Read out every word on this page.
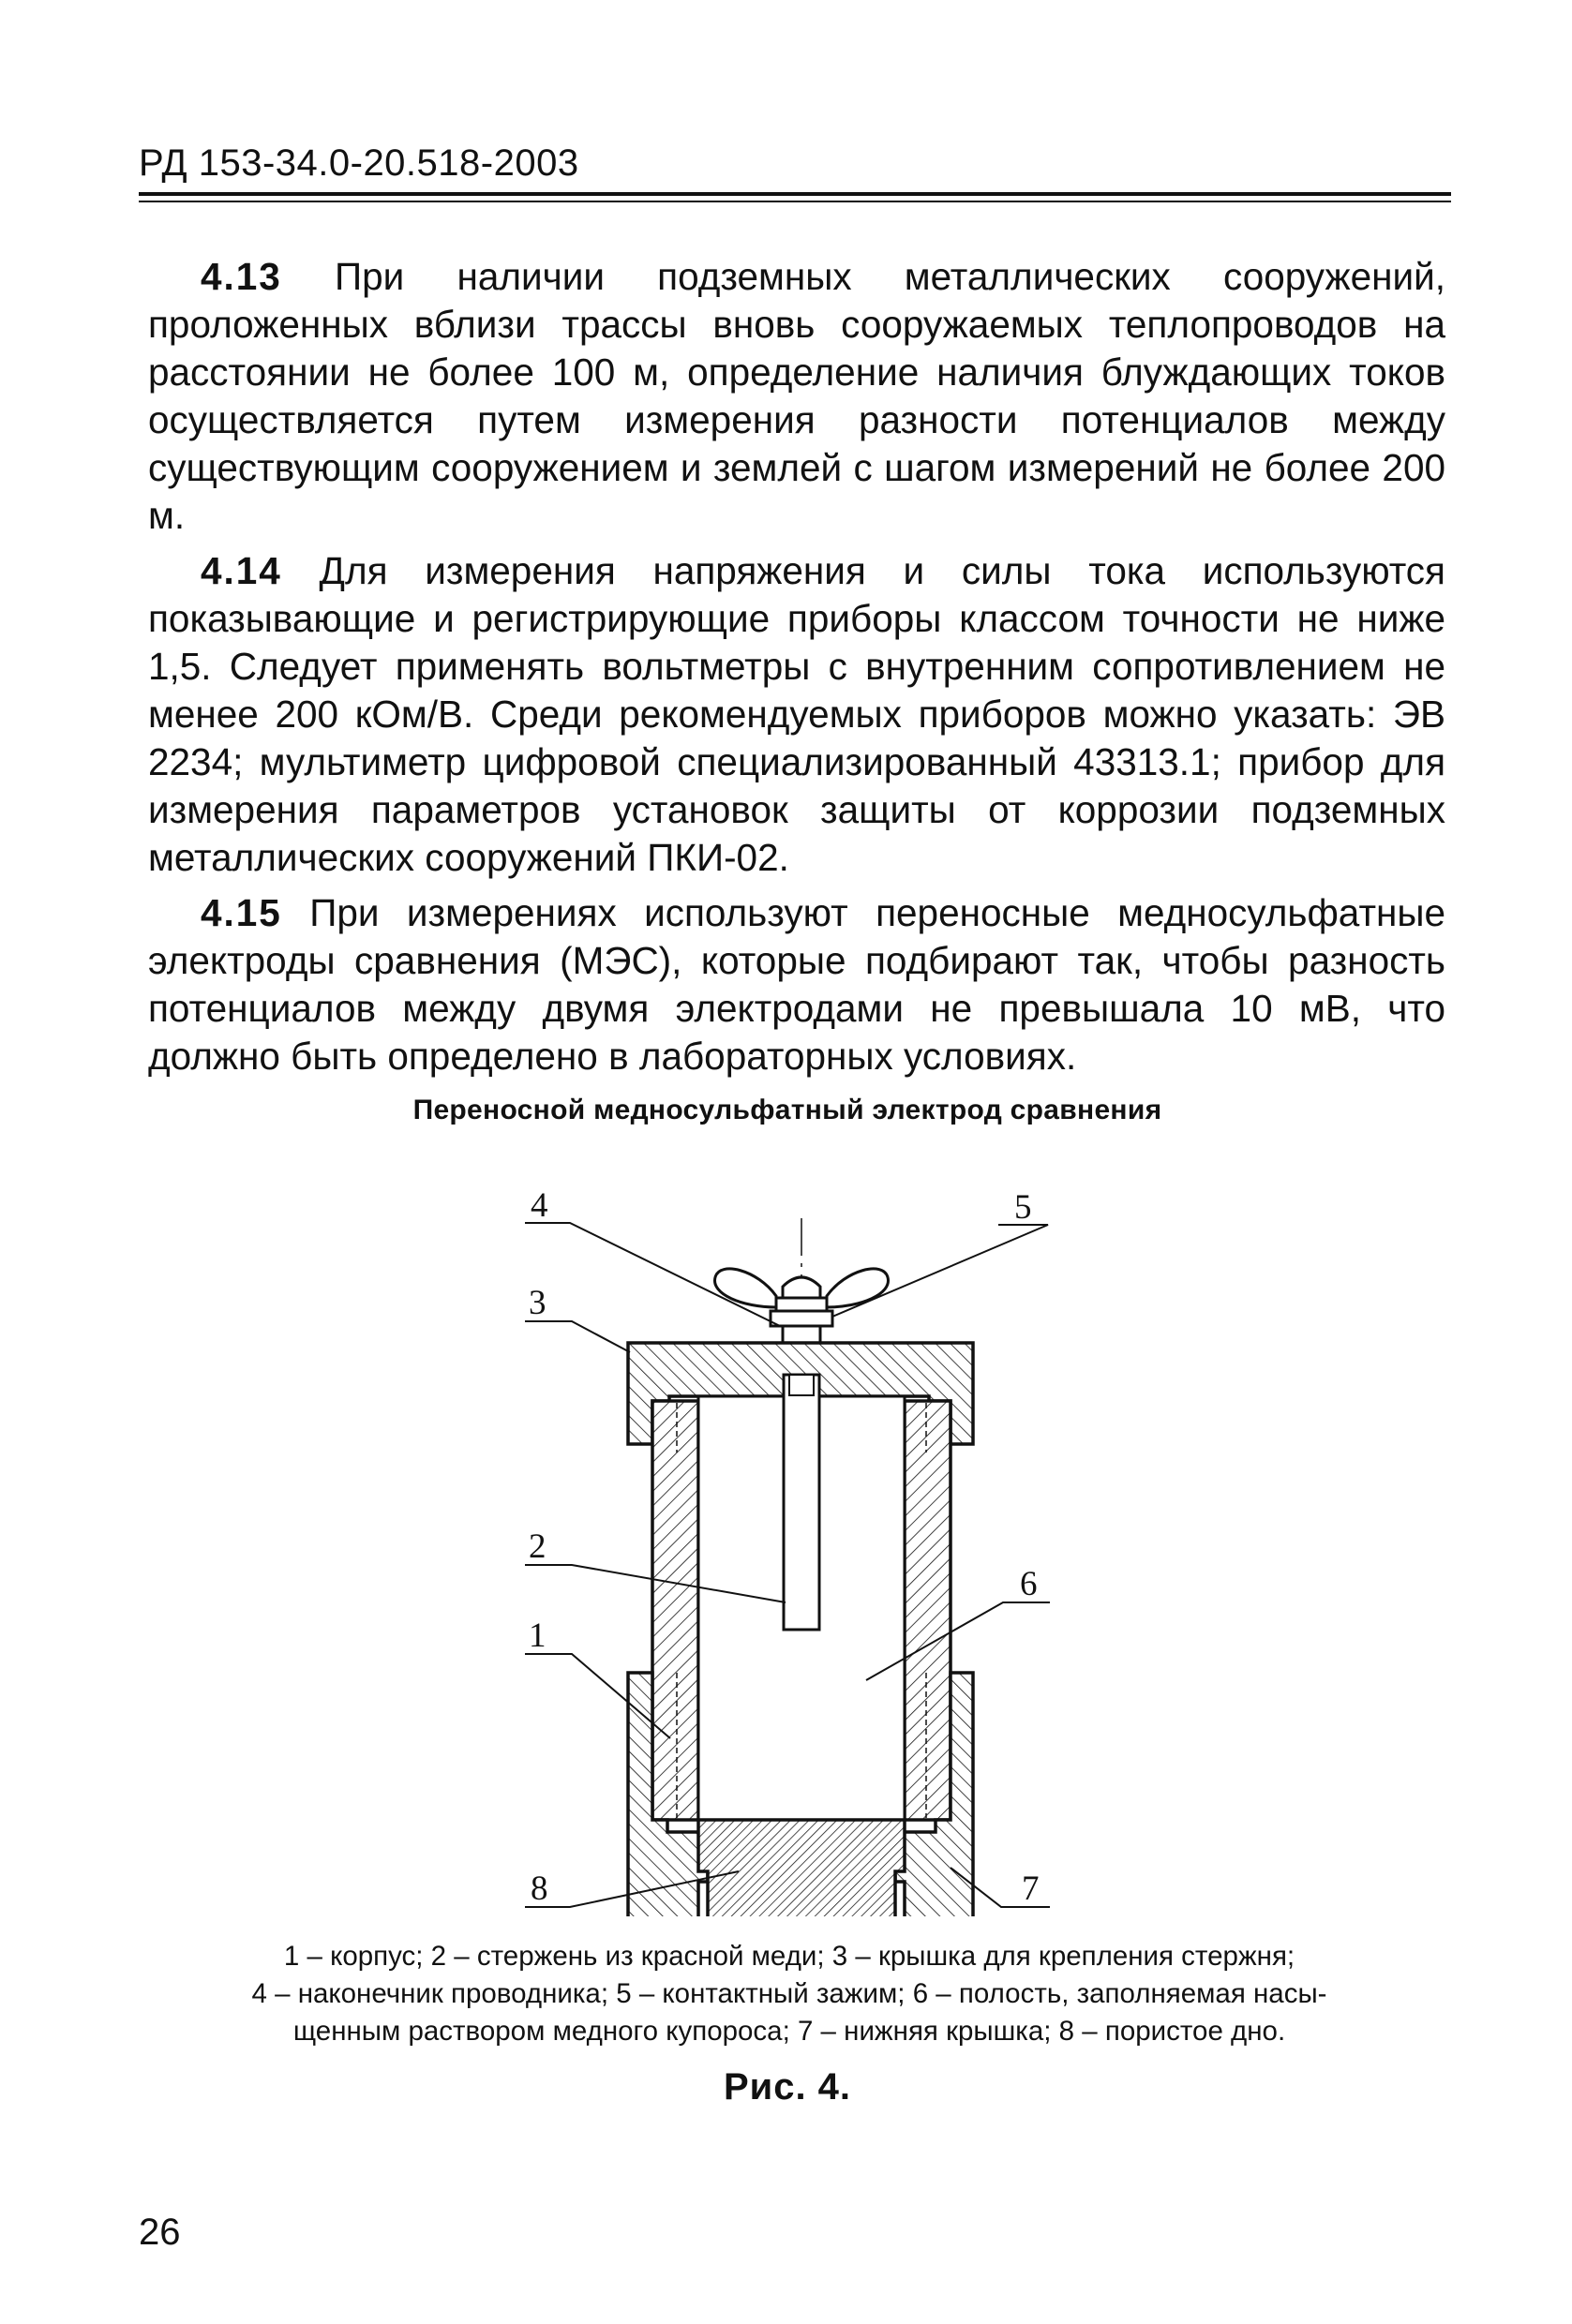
РД 153-34.0-20.518-2003

4.13 При наличии подземных металлических сооружений, проложенных вблизи трассы вновь сооружаемых теплопроводов на расстоянии не более 100 м, определение наличия блуждающих токов осуществляется путем измерения разности потенциалов между существующим сооружением и землей с шагом измерений не более 200 м.

4.14 Для измерения напряжения и силы тока используются показывающие и регистрирующие приборы классом точности не ниже 1,5. Следует применять вольтметры с внутренним сопротивлением не менее 200 кОм/В. Среди рекомендуемых приборов можно указать: ЭВ 2234; мультиметр цифровой специализированный 43313.1; прибор для измерения параметров установок защиты от коррозии подземных металлических сооружений ПКИ-02.

4.15 При измерениях используют переносные медносульфатные электроды сравнения (МЭС), которые подбирают так, чтобы разность потенциалов между двумя электродами не превышала 10 мВ, что должно быть определено в лабораторных условиях.

Переносной медносульфатный электрод сравнения
4	5
3
2
1
6
8	7
1 – корпус; 2 – стержень из красной меди; 3 – крышка для крепления стержня;
4 – наконечник проводника; 5 – контактный зажим; 6 – полость, заполняемая насы-
щенным раствором медного купороса; 7 – нижняя крышка; 8 – пористое дно.
Рис. 4.
26
